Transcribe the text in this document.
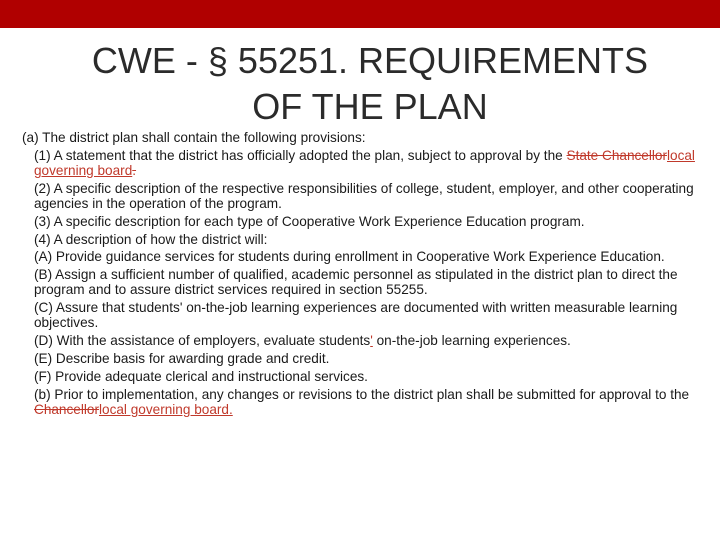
CWE - § 55251. REQUIREMENTS
OF THE PLAN

(a) The district plan shall contain the following provisions:

(1) A statement that the district has officially adopted the plan, subject to approval by the State Chancellorlocal governing board.

(2) A specific description of the respective responsibilities of college, student, employer, and other cooperating agencies in the operation of the program.

(3) A specific description for each type of Cooperative Work Experience Education program.

(4) A description of how the district will:

(A) Provide guidance services for students during enrollment in Cooperative Work Experience Education.

(B) Assign a sufficient number of qualified, academic personnel as stipulated in the district plan to direct the program and to assure district services required in section 55255.

(C) Assure that students' on-the-job learning experiences are documented with written measurable learning objectives.

(D) With the assistance of employers, evaluate students' on-the-job learning experiences.

(E) Describe basis for awarding grade and credit.

(F) Provide adequate clerical and instructional services.

(b) Prior to implementation, any changes or revisions to the district plan shall be submitted for approval to the Chancellorlocal governing board.
